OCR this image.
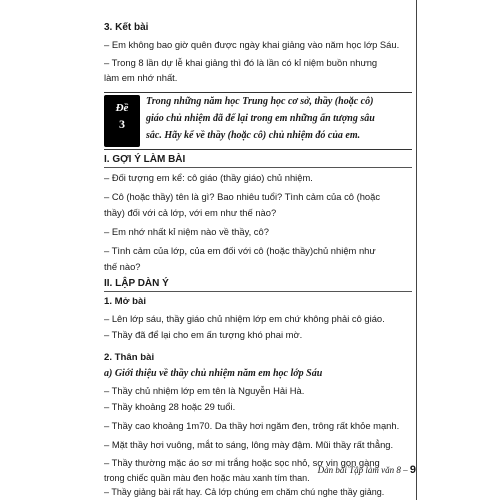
3. Kết bài
– Em không bao giờ quên được ngày khai giảng vào năm học lớp Sáu.
– Trong 8 lần dự lễ khai giảng thì đó là lần có kỉ niệm buồn nhưng
làm em nhớ nhất.
Đề
3
Trong những năm học Trung học cơ sở, thầy (hoặc cô)
giáo chủ nhiệm đã để lại trong em những ấn tượng sâu
sắc. Hãy kể về thầy (hoặc cô) chủ nhiệm đó của em.
I. GỢI Ý LÀM BÀI
– Đối tượng em kể: cô giáo (thầy giáo) chủ nhiệm.
– Cô (hoặc thầy) tên là gì? Bao nhiêu tuổi? Tình cảm của cô (hoặc
thầy) đối với cả lớp, với em như thế nào?
– Em nhớ nhất kỉ niệm nào về thầy, cô?
– Tình cảm của lớp, của em đối với cô (hoặc thầy)chủ nhiệm như
thế nào?
II. LẬP DÀN Ý
1. Mở bài
– Lên lớp sáu, thầy giáo chủ nhiệm lớp em chứ không phải cô giáo.
– Thầy đã để lại cho em ấn tượng khó phai mờ.
2. Thân bài
a) Giới thiệu về thầy chủ nhiệm năm em học lớp Sáu
– Thầy chủ nhiệm lớp em tên là Nguyễn Hải Hà.
– Thầy khoảng 28 hoặc 29 tuổi.
– Thầy cao khoảng 1m70. Da thầy hơi ngăm đen, trông rất khỏe mạnh.
– Mặt thầy hơi vuông, mắt to sáng, lông mày đậm. Mũi thầy rất thẳng.
– Thầy thường mặc áo sơ mi trắng hoặc sọc nhỏ, sơ vin gọn gàng
trong chiếc quần màu đen hoặc màu xanh tím than.
– Thầy giảng bài rất hay. Cả lớp chúng em chăm chú nghe thầy giảng.
Dàn bài Tập làm văn 8 – 9
